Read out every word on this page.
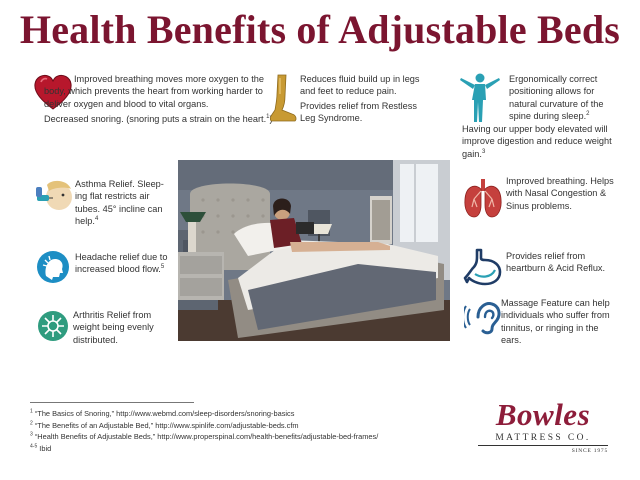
Health Benefits of Adjustable Beds

Improved breathing moves more oxygen to the body, which prevents the heart from working harder to deliver oxygen and blood to vital organs.

Decreased snoring. (snoring puts a strain on the heart.$^1$

Reduces fluid build up in legs and feet to reduce pain.

Provides relief from Restless Leg Syndrome.

Ergonomically correct positioning allows for natural curvature of the spine during sleep.$^2$

Having our upper body elevated will improve digestion and reduce weight gain.$^3$

Asthma Relief. Sleep-ing flat restricts air tubes. 45° incline can help.$^4$

Improved breathing. Helps with Nasal Congestion & Sinus problems.

Headache relief due to increased blood flow.$^5$

Provides relief from heartburn & Acid Reflux.

Arthritis Relief from weight being evenly distributed.

Massage Feature can help individuals who suffer from tinnitus, or ringing in the ears.

$^1$ “The Basics of Snoring,” http://www.webmd.com/sleep-disorders/snoring-basics
$^2$ “The Benefits of an Adjustable Bed,” http://www.spinlife.com/adjustable-beds.cfm
$^3$ “Health Benefits of Adjustable Beds,” http://www.properspinal.com/health-benefits/adjustable-bed-frames/
$^{4-5}$ Ibid
Bowles
MATTRESS CO.
SINCE 1975
